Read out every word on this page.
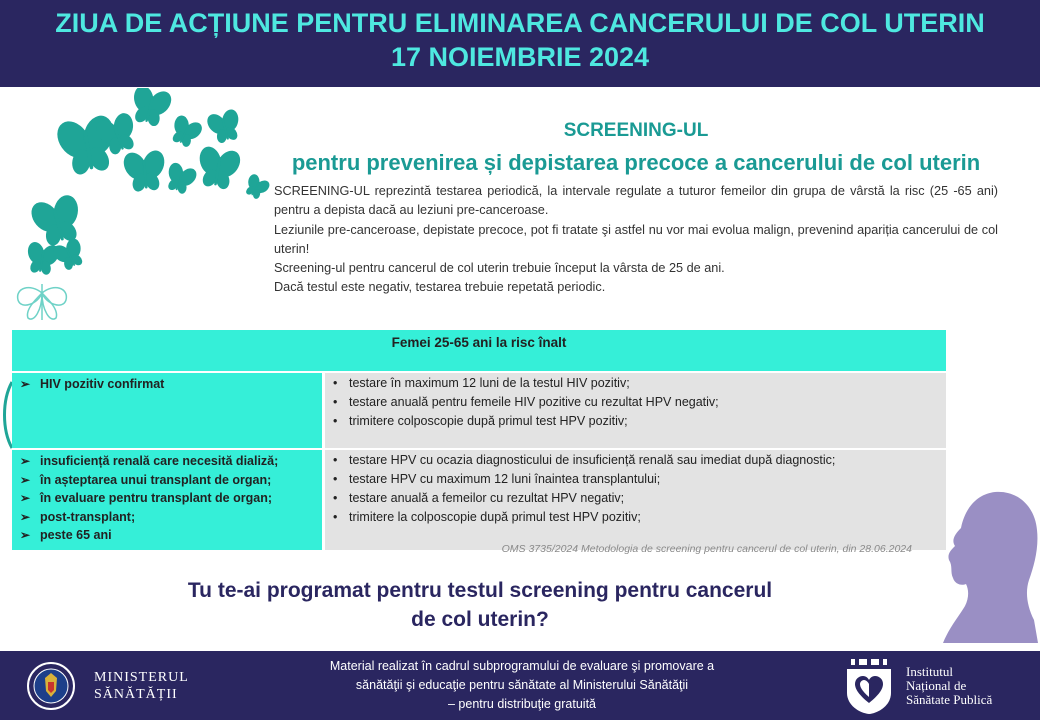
ZIUA DE ACȚIUNE PENTRU ELIMINAREA CANCERULUI DE COL UTERIN
17 NOIEMBRIE 2024
SCREENING-UL
pentru prevenirea și depistarea precoce a cancerului de col uterin

SCREENING-UL reprezintă testarea periodică, la intervale regulate a tuturor femeilor din grupa de vârstă la risc (25 -65 ani) pentru a depista dacă au leziuni pre-canceroase.

Leziunile pre-canceroase, depistate precoce, pot fi tratate şi astfel nu vor mai evolua malign, prevenind apariția cancerului de col uterin!

Screening-ul pentru cancerul de col uterin trebuie început la vârsta de 25 de ani.

Dacă testul este negativ, testarea trebuie repetată periodic.

Femei 25-65 ani la risc înalt
➢ HIV pozitiv confirmat
•	testare în maximum 12 luni de la testul HIV pozitiv;
• testare anuală pentru femeile HIV pozitive cu rezultat HPV negativ;
• trimitere colposcopie după primul test HPV pozitiv;
➢ insuficiență renală care necesită dializă;
➢ în așteptarea unui transplant de organ;
➢ în evaluare pentru transplant de organ;
➢ post-transplant;
➢ peste 65 ani
• testare HPV cu ocazia diagnosticului de insuficiență renală sau imediat după diagnostic;
• testare HPV cu maximum 12 luni înaintea transplantului;
• testare anuală a femeilor cu rezultat HPV negativ;
• trimitere la colposcopie după primul test HPV pozitiv;
OMS 3735/2024 Metodologia de screening pentru cancerul de col uterin, din 28.06.2024
Tu te-ai programat pentru testul screening pentru cancerul
de col uterin?
MINISTERUL
SĂNĂTĂȚII
Material realizat în cadrul subprogramului de evaluare şi promovare a
sănătăţii şi educaţie pentru sănătate al Ministerului Sănătăţii
– pentru distribuţie gratuită
Institutul
Național de
Sănătate Publică
